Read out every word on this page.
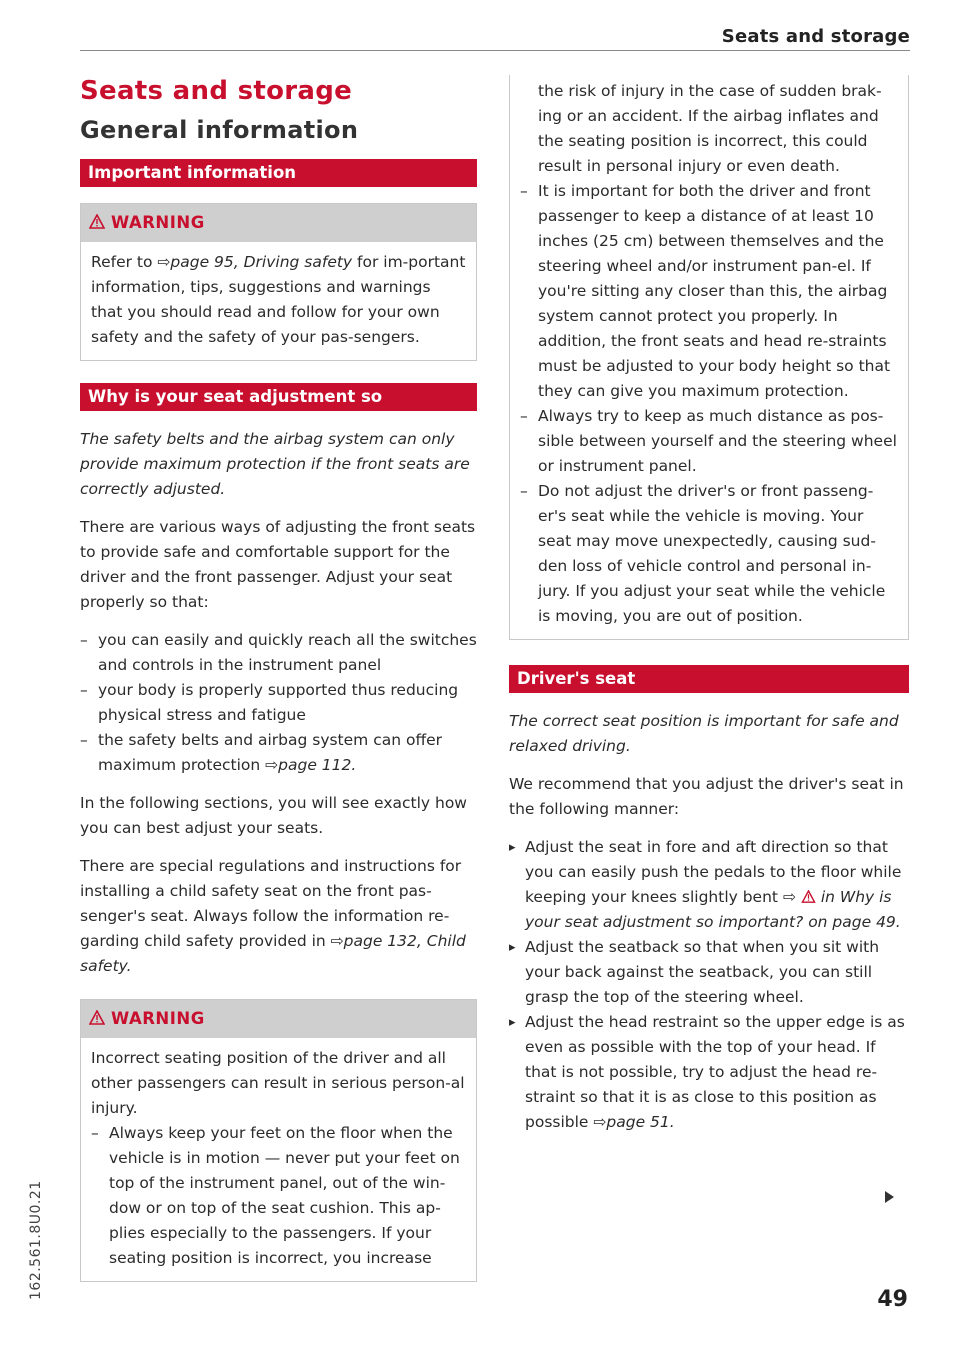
Seats and storage
Seats and storage
General information
Important information
WARNING
Refer to ⇨page 95, Driving safety for im-portant information, tips, suggestions and warnings that you should read and follow for your own safety and the safety of your pas-sengers.
Why is your seat adjustment so important?

The safety belts and the airbag system can only provide maximum protection if the front seats are correctly adjusted.

There are various ways of adjusting the front seats to provide safe and comfortable support for the driver and the front passenger. Adjust your seat properly so that:

– you can easily and quickly reach all the switches and controls in the instrument panel
– your body is properly supported thus reducing physical stress and fatigue
– the safety belts and airbag system can offer maximum protection ⇨page 112.

In the following sections, you will see exactly how you can best adjust your seats.

There are special regulations and instructions for installing a child safety seat on the front pas-senger's seat. Always follow the information re-garding child safety provided in ⇨page 132, Child safety.

WARNING
Incorrect seating position of the driver and all other passengers can result in serious person-al injury.
– Always keep your feet on the floor when the vehicle is in motion — never put your feet on top of the instrument panel, out of the win-dow or on top of the seat cushion. This ap-plies especially to the passengers. If your seating position is incorrect, you increase
the risk of injury in the case of sudden brak-ing or an accident. If the airbag inflates and the seating position is incorrect, this could result in personal injury or even death.
– It is important for both the driver and front passenger to keep a distance of at least 10 inches (25 cm) between themselves and the steering wheel and/or instrument pan-el. If you're sitting any closer than this, the airbag system cannot protect you properly. In addition, the front seats and head re-straints must be adjusted to your body height so that they can give you maximum protection.
– Always try to keep as much distance as pos-sible between yourself and the steering wheel or instrument panel.
– Do not adjust the driver's or front passeng-er's seat while the vehicle is moving. Your seat may move unexpectedly, causing sud-den loss of vehicle control and personal in-jury. If you adjust your seat while the vehicle is moving, you are out of position.
Driver's seat

The correct seat position is important for safe and relaxed driving.

We recommend that you adjust the driver's seat in the following manner:

▸ Adjust the seat in fore and aft direction so that you can easily push the pedals to the floor while keeping your knees slightly bent ⇨ in Why is your seat adjustment so important? on page 49.
▸ Adjust the seatback so that when you sit with your back against the seatback, you can still grasp the top of the steering wheel.
▸ Adjust the head restraint so the upper edge is as even as possible with the top of your head. If that is not possible, try to adjust the head re-straint so that it is as close to this position as possible ⇨page 51.
162.561.8U0.21	49
